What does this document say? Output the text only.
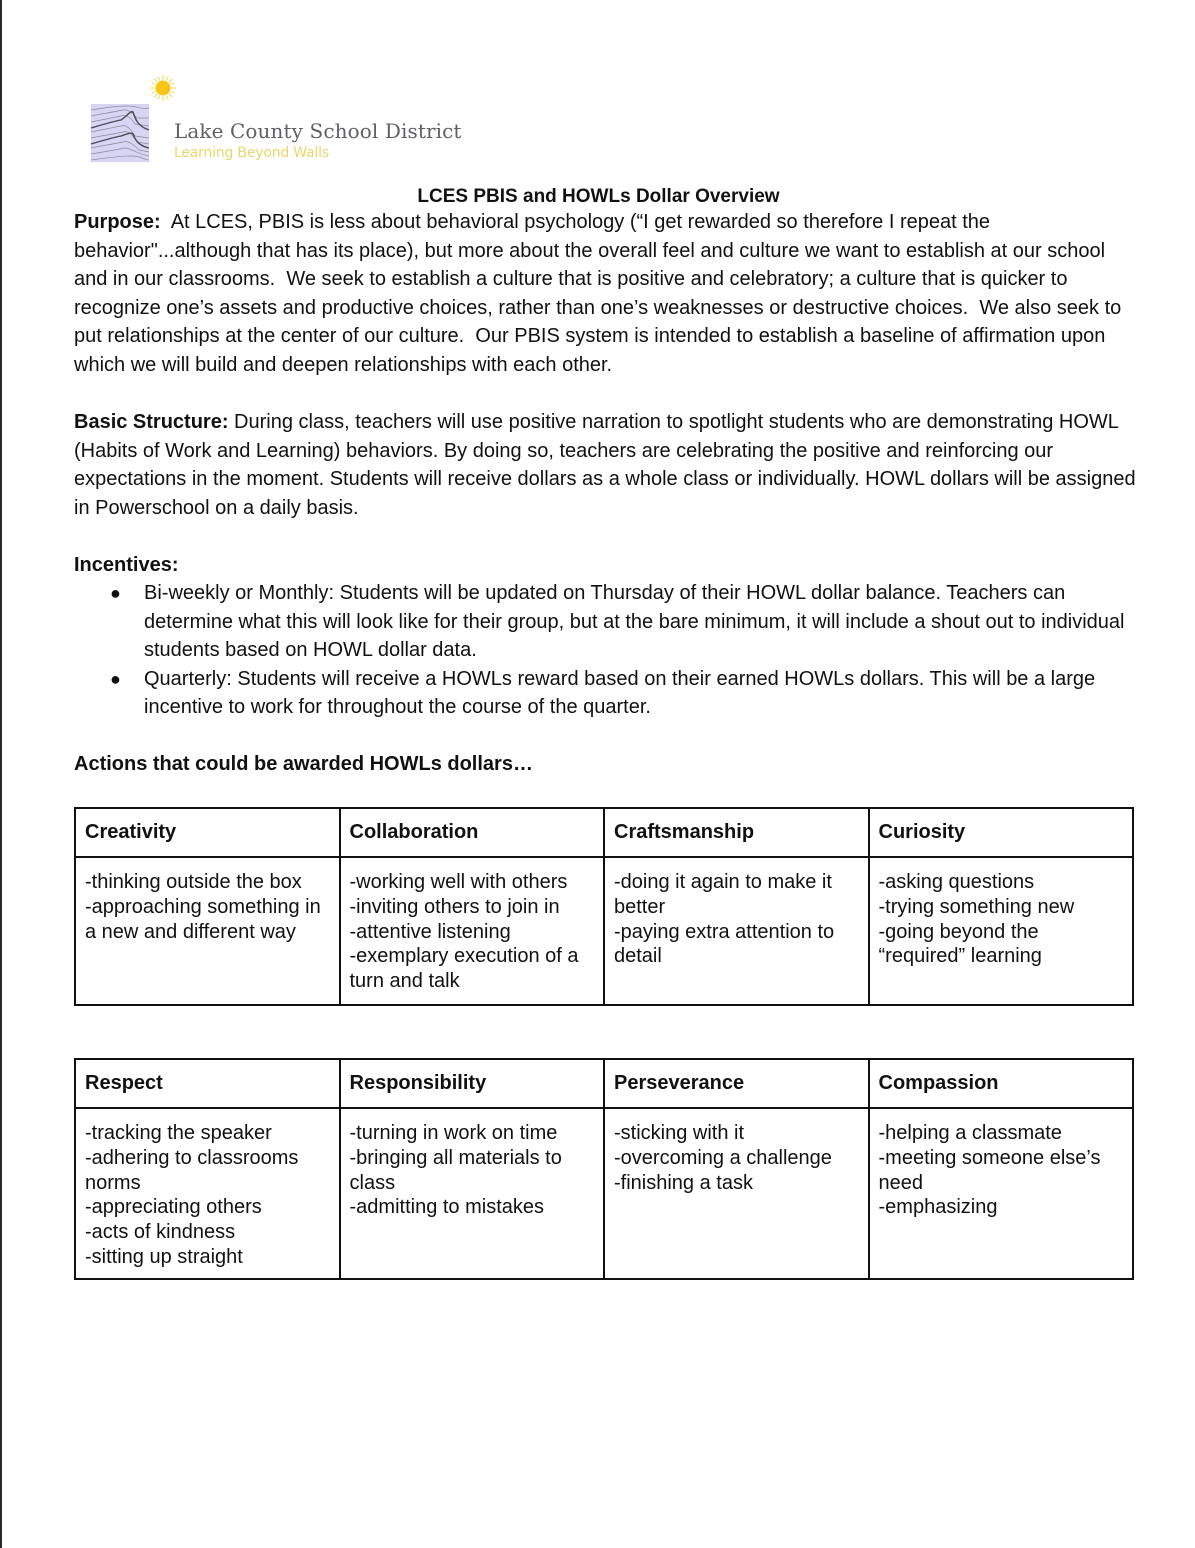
Lake County School District
Learning Beyond Walls
LCES PBIS and HOWLs Dollar Overview

Purpose:  At LCES, PBIS is less about behavioral psychology (“I get rewarded so therefore I repeat the behavior"...although that has its place), but more about the overall feel and culture we want to establish at our school and in our classrooms.  We seek to establish a culture that is positive and celebratory; a culture that is quicker to recognize one’s assets and productive choices, rather than one’s weaknesses or destructive choices.  We also seek to put relationships at the center of our culture.  Our PBIS system is intended to establish a baseline of affirmation upon which we will build and deepen relationships with each other.

Basic Structure: During class, teachers will use positive narration to spotlight students who are demonstrating HOWL (Habits of Work and Learning) behaviors. By doing so, teachers are celebrating the positive and reinforcing our expectations in the moment. Students will receive dollars as a whole class or individually. HOWL dollars will be assigned in Powerschool on a daily basis.

Incentives:
● Bi-weekly or Monthly: Students will be updated on Thursday of their HOWL dollar balance. Teachers can determine what this will look like for their group, but at the bare minimum, it will include a shout out to individual students based on HOWL dollar data.
● Quarterly: Students will receive a HOWLs reward based on their earned HOWLs dollars. This will be a large incentive to work for throughout the course of the quarter.
Actions that could be awarded HOWLs dollars…
Creativity	Collaboration	Craftsmanship	Curiosity

-thinking outside the box
-approaching something in a new and different way	-working well with others
-inviting others to join in
-attentive listening
-exemplary execution of a turn and talk	-doing it again to make it better
-paying extra attention to detail	-asking questions
-trying something new
-going beyond the “required” learning
Respect	Responsibility	Perseverance	Compassion

-tracking the speaker
-adhering to classrooms norms
-appreciating others
-acts of kindness
-sitting up straight	-turning in work on time
-bringing all materials to class
-admitting to mistakes	-sticking with it
-overcoming a challenge
-finishing a task	-helping a classmate
-meeting someone else’s need
-emphasizing
